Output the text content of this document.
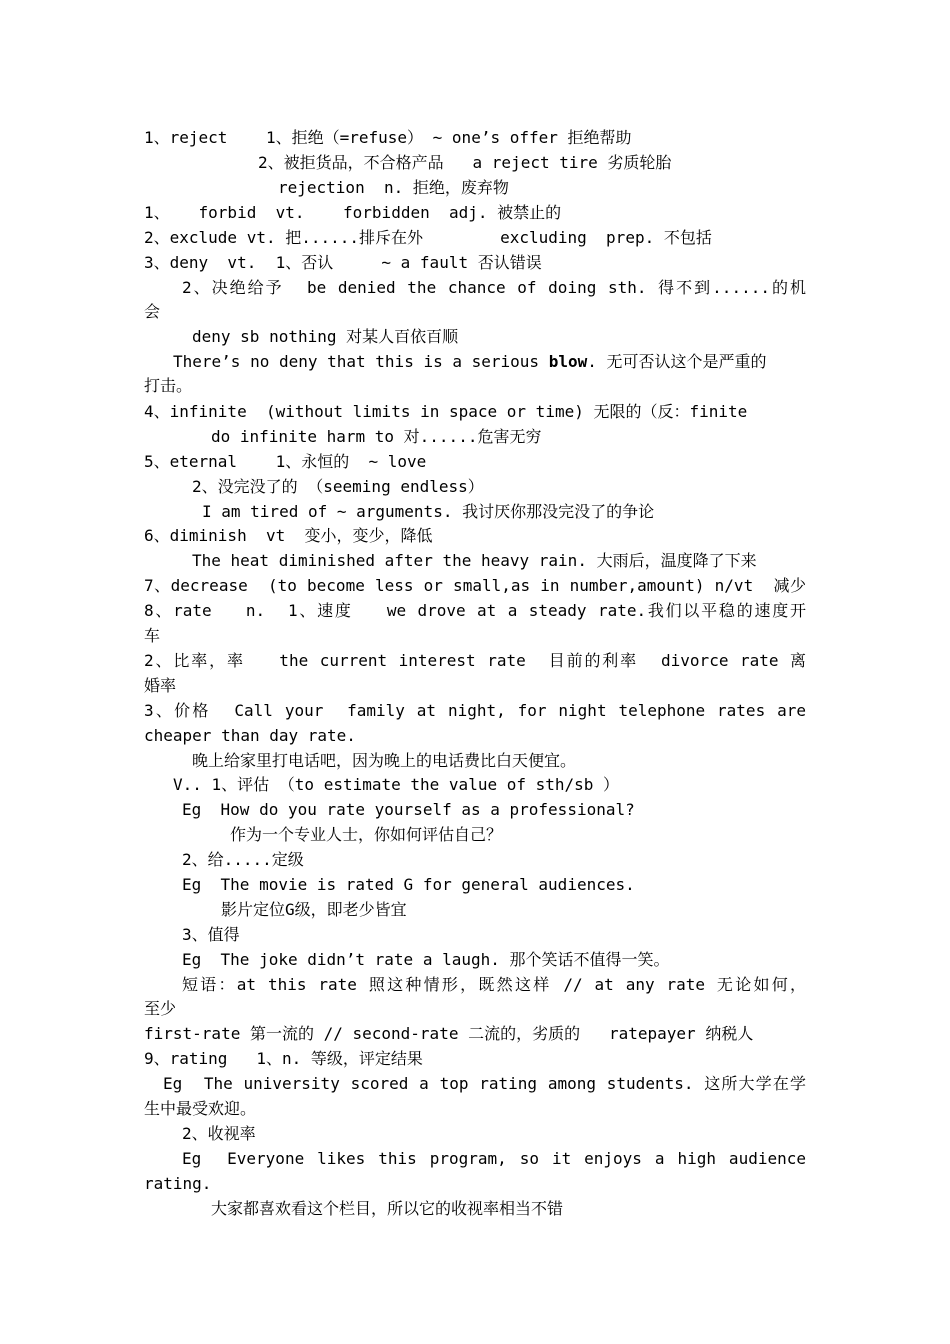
1、reject    1、拒绝（=refuse） ~ one’s offer 拒绝帮助
2、被拒货品，不合格产品   a reject tire 劣质轮胎
rejection  n. 拒绝，废弃物
1、   forbid  vt.    forbidden  adj. 被禁止的
2、exclude vt. 把......排斥在外        excluding  prep. 不包括
3、deny  vt.  1、否认     ~ a fault 否认错误
2、决绝给予  be denied the chance of doing sth. 得不到......的机
会
deny sb nothing 对某人百依百顺
There’s no deny that this is a serious blow. 无可否认这个是严重的
打击。
4、infinite  (without limits in space or time) 无限的（反：finite
do infinite harm to 对......危害无穷
5、eternal    1、永恒的  ~ love
2、没完没了的 （seeming endless）
I am tired of ~ arguments. 我讨厌你那没完没了的争论
6、diminish  vt  变小，变少，降低
The heat diminished after the heavy rain. 大雨后，温度降了下来
7、decrease  (to become less or small,as in number,amount) n/vt  减少
8、rate   n.  1、速度   we drove at a steady rate.我们以平稳的速度开
车
2、比率，率   the current interest rate  目前的利率  divorce rate 离
婚率
3、价格  Call your  family at night, for night telephone rates are
cheaper than day rate.
晚上给家里打电话吧，因为晚上的电话费比白天便宜。
V.. 1、评估 （to estimate the value of sth/sb ）
Eg  How do you rate yourself as a professional?
作为一个专业人士，你如何评估自己？
2、给.....定级
Eg  The movie is rated G for general audiences.
影片定位G级，即老少皆宜
3、值得
Eg  The joke didn’t rate a laugh. 那个笑话不值得一笑。
短语：at this rate 照这种情形，既然这样 // at any rate 无论如何，
至少
first-rate 第一流的 // second-rate 二流的，劣质的   ratepayer 纳税人
9、rating   1、n. 等级，评定结果
Eg  The university scored a top rating among students. 这所大学在学
生中最受欢迎。
2、收视率
Eg  Everyone likes this program, so it enjoys a high audience
rating.
大家都喜欢看这个栏目，所以它的收视率相当不错
